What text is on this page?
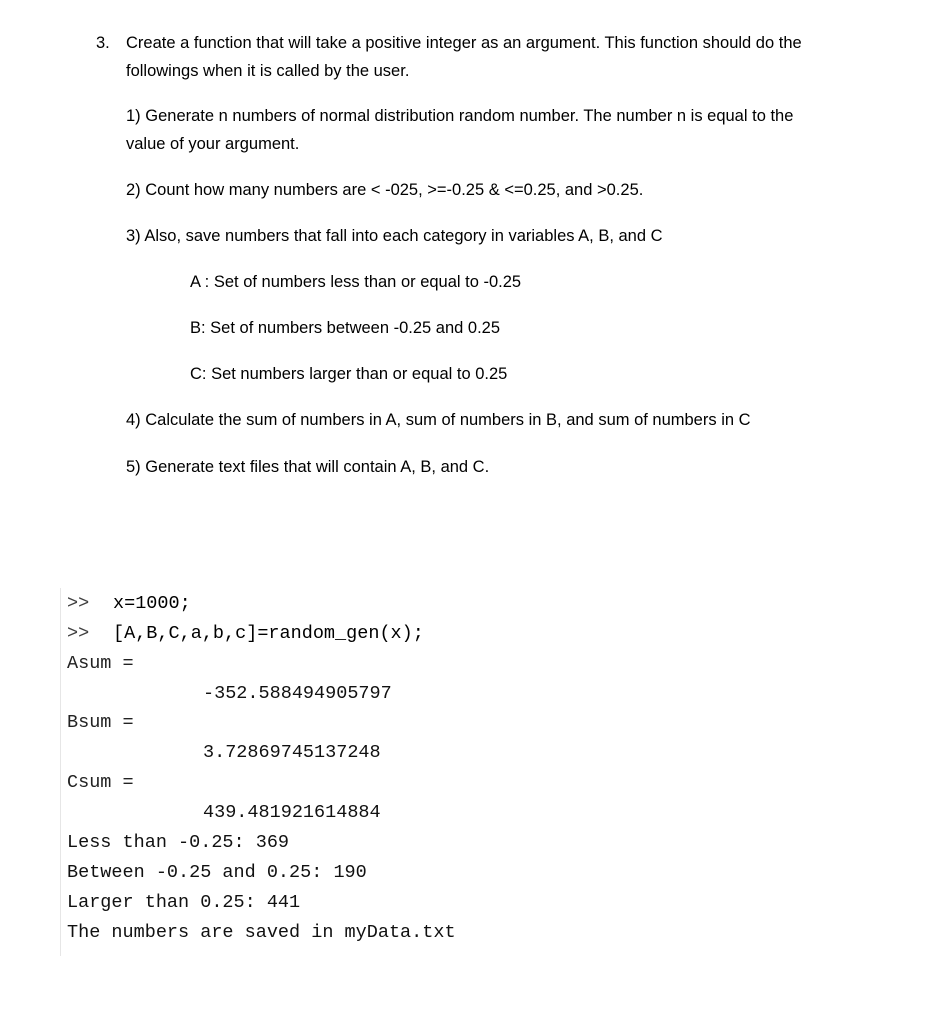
3. Create a function that will take a positive integer as an argument. This function should do the
followings when it is called by the user.
1) Generate n numbers of normal distribution random number. The number n is equal to the
value of your argument.
2) Count how many numbers are < -025, >=-0.25 & <=0.25, and >0.25.
3) Also, save numbers that fall into each category in variables A, B, and C
A : Set of numbers less than or equal to -0.25
B: Set of numbers between -0.25 and 0.25
C: Set numbers larger than or equal to 0.25
4) Calculate the sum of numbers in A, sum of numbers in B, and sum of numbers in C
5) Generate text files that will contain A, B, and C.
>> x=1000;
>> [A,B,C,a,b,c]=random_gen(x);
Asum =
-352.588494905797
Bsum =
3.72869745137248
Csum =
439.481921614884
Less than -0.25: 369
Between -0.25 and 0.25: 190
Larger than 0.25: 441
The numbers are saved in myData.txt
